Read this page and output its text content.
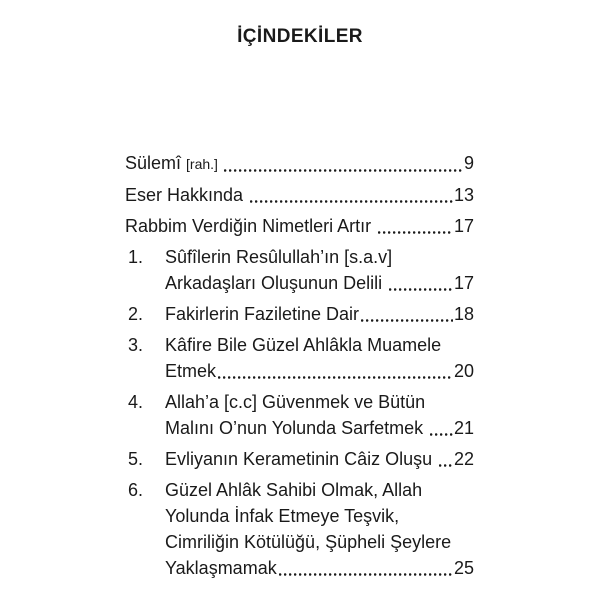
İÇİNDEKİLER
Sülemî [rah.]	9
Eser Hakkında	13
Rabbim Verdiğin Nimetleri Artır	17
1.	Sûfîlerin Resûlullah’ın [s.a.v]
Arkadaşları Oluşunun Delili	17
2.	Fakirlerin Faziletine Dair	18
3.	Kâfire Bile Güzel Ahlâkla Muamele
Etmek	20
4.	Allah’a [c.c] Güvenmek ve Bütün
Malını O’nun Yolunda Sarfetmek 21
5.	Evliyanın Kerametinin Câiz Oluşu 22
6.	Güzel Ahlâk Sahibi Olmak, Allah
Yolunda İnfak Etmeye Teşvik,
Cimriliğin Kötülüğü, Şüpheli Şeylere
Yaklaşmamak	25
